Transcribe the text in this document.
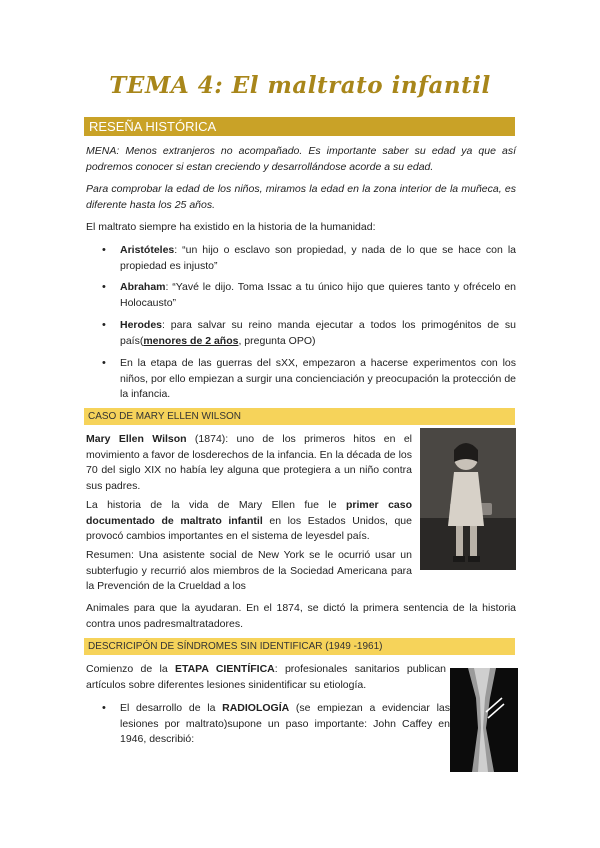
TEMA 4: El maltrato infantil
RESEÑA HISTÓRICA

MENA: Menos extranjeros no acompañado. Es importante saber su edad ya que así podremos conocer si estan creciendo y desarrollándose acorde a su edad.

Para comprobar la edad de los niños, miramos la edad en la zona interior de la muñeca, es diferente hasta los 25 años.

El maltrato siempre ha existido en la historia de la humanidad:

• Aristóteles: “un hijo o esclavo son propiedad, y nada de lo que se hace con la propiedad es injusto”

• Abraham: “Yavé le dijo. Toma Issac a tu único hijo que quieres tanto y ofrécelo en Holocausto”

• Herodes: para salvar su reino manda ejecutar a todos los primogénitos de su país(menores de 2 años, pregunta OPO)

• En la etapa de las guerras del sXX, empezaron a hacerse experimentos con los niños, por ello empiezan a surgir una concienciación y preocupación la protección de la infancia.

CASO DE MARY ELLEN WILSON

Mary Ellen Wilson (1874): uno de los primeros hitos en el movimiento a favor de losderechos de la infancia. En la década de los 70 del siglo XIX no había ley alguna que protegiera a un niño contra sus padres.

La historia de la vida de Mary Ellen fue le primer caso documentado de maltrato infantil en los Estados Unidos, que provocó cambios importantes en el sistema de leyesdel país.

Resumen: Una asistente social de New York se le ocurrió usar un subterfugio y recurrió alos miembros de la Sociedad Americana para la Prevención de la Crueldad a los

Animales para que la ayudaran. En el 1874, se dictó la primera sentencia de la historia contra unos padresmaltratadores.

DESCRICIPÓN DE SÍNDROMES SIN IDENTIFICAR (1949 -1961)

Comienzo de la ETAPA CIENTÍFICA: profesionales sanitarios publican artículos sobre diferentes lesiones sinidentificar su etiología.

• El desarrollo de la RADIOLOGÍA (se empiezan a evidenciar las lesiones por maltrato)supone un paso importante: John Caffey en 1946, describió:
